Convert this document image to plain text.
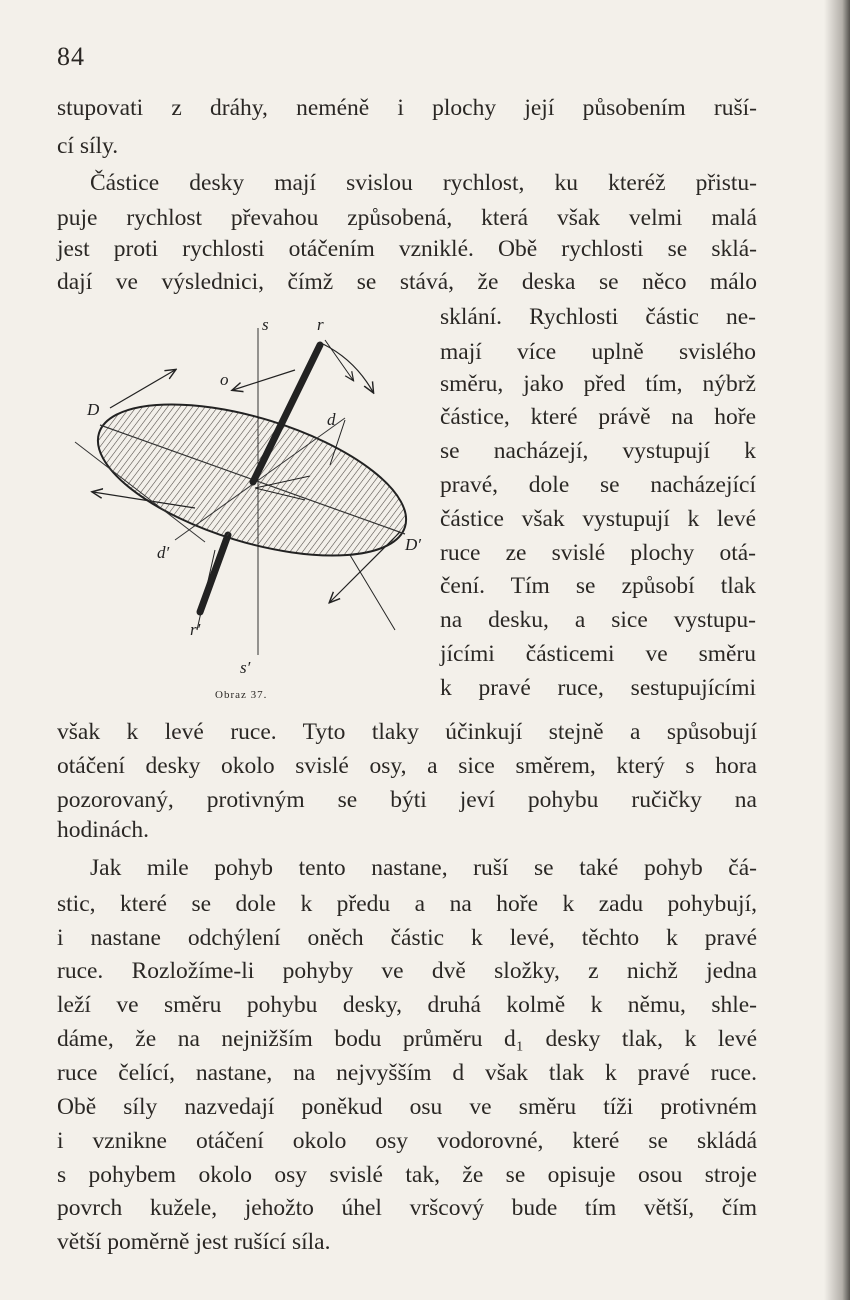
84
stupovati z dráhy, neméně i plochy její působením ruší-
cí síly.
Částice desky mají svislou rychlost, ku kteréž přistu-
puje rychlost převahou způsobená, která však velmi malá
jest proti rychlosti otáčením vzniklé. Obě rychlosti se sklá-
dají ve výslednici, čímž se stává, že deska se něco málo
sklání. Rychlosti částic ne-
mají více uplně svislého
směru, jako před tím, nýbrž
částice, které právě na hoře
se nacházejí, vystupují k
pravé, dole se nacházející
částice však vystupují k levé
ruce ze svislé plochy otá-
čení. Tím se způsobí tlak
na desku, a sice vystupu-
jícími částicemi ve směru
k pravé ruce, sestupujícími
Obraz 37.
však k levé ruce. Tyto tlaky účinkují stejně a spůsobují
otáčení desky okolo svislé osy, a sice směrem, který s hora
pozorovaný, protivným se býti jeví pohybu ručičky na
hodinách.
Jak mile pohyb tento nastane, ruší se také pohyb čá-
stic, které se dole k předu a na hoře k zadu pohybují,
i nastane odchýlení oněch částic k levé, těchto k pravé
ruce. Rozložíme-li pohyby ve dvě složky, z nichž jedna
leží ve směru pohybu desky, druhá kolmě k němu, shle-
dáme, že na nejnižším bodu průměru d₁ desky tlak, k levé
ruce čelící, nastane, na nejvyšším d však tlak k pravé ruce.
Obě síly nazvedají poněkud osu ve směru tíži protivném
i vznikne otáčení okolo osy vodorovné, které se skládá
s pohybem okolo osy svislé tak, že se opisuje osou stroje
povrch kužele, jehožto úhel vršcový bude tím větší, čím
větší poměrně jest rušící síla.
s	r
o
D
d
d′	D′
r′
s′
